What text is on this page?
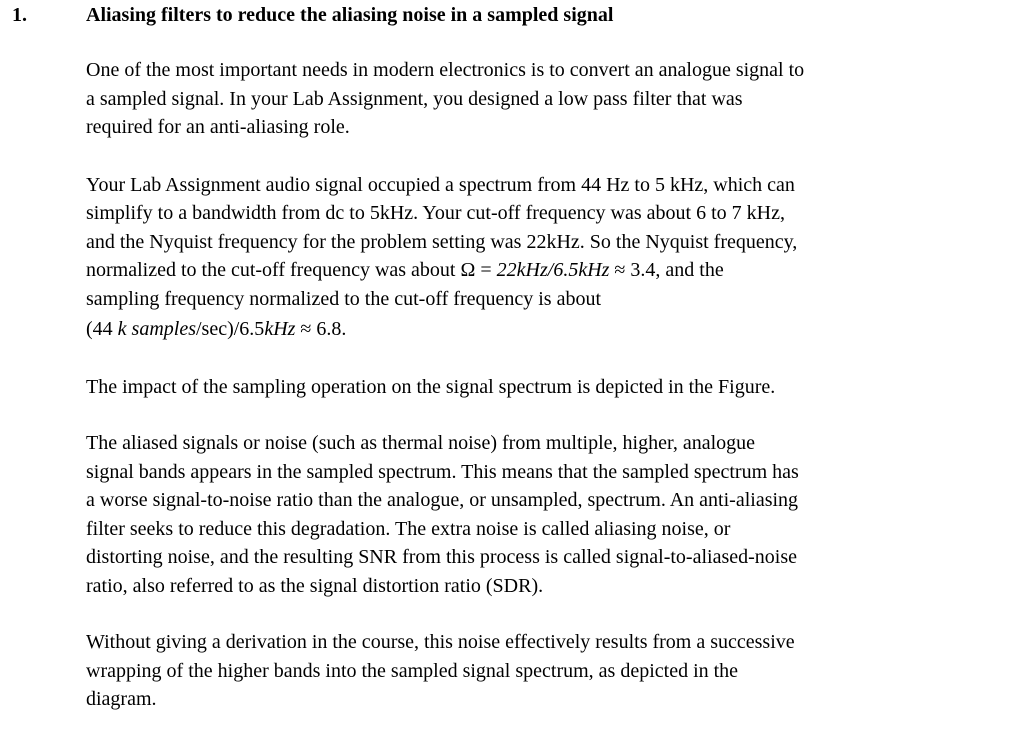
1.	Aliasing filters to reduce the aliasing noise in a sampled signal

One of the most important needs in modern electronics is to convert an analogue signal to
a sampled signal. In your Lab Assignment, you designed a low pass filter that was
required for an anti-aliasing role.

Your Lab Assignment audio signal occupied a spectrum from 44 Hz to 5 kHz, which can
simplify to a bandwidth from dc to 5kHz. Your cut-off frequency was about 6 to 7 kHz,
and the Nyquist frequency for the problem setting was 22kHz. So the Nyquist frequency,
normalized to the cut-off frequency was about Ω = 22kHz/6.5kHz ≈ 3.4, and the
sampling frequency normalized to the cut-off frequency is about
(44 k samples/sec)/6.5kHz ≈ 6.8.

The impact of the sampling operation on the signal spectrum is depicted in the Figure.

The aliased signals or noise (such as thermal noise) from multiple, higher, analogue
signal bands appears in the sampled spectrum. This means that the sampled spectrum has
a worse signal-to-noise ratio than the analogue, or unsampled, spectrum. An anti-aliasing
filter seeks to reduce this degradation. The extra noise is called aliasing noise, or
distorting noise, and the resulting SNR from this process is called signal-to-aliased-noise
ratio, also referred to as the signal distortion ratio (SDR).

Without giving a derivation in the course, this noise effectively results from a successive
wrapping of the higher bands into the sampled signal spectrum, as depicted in the
diagram.
